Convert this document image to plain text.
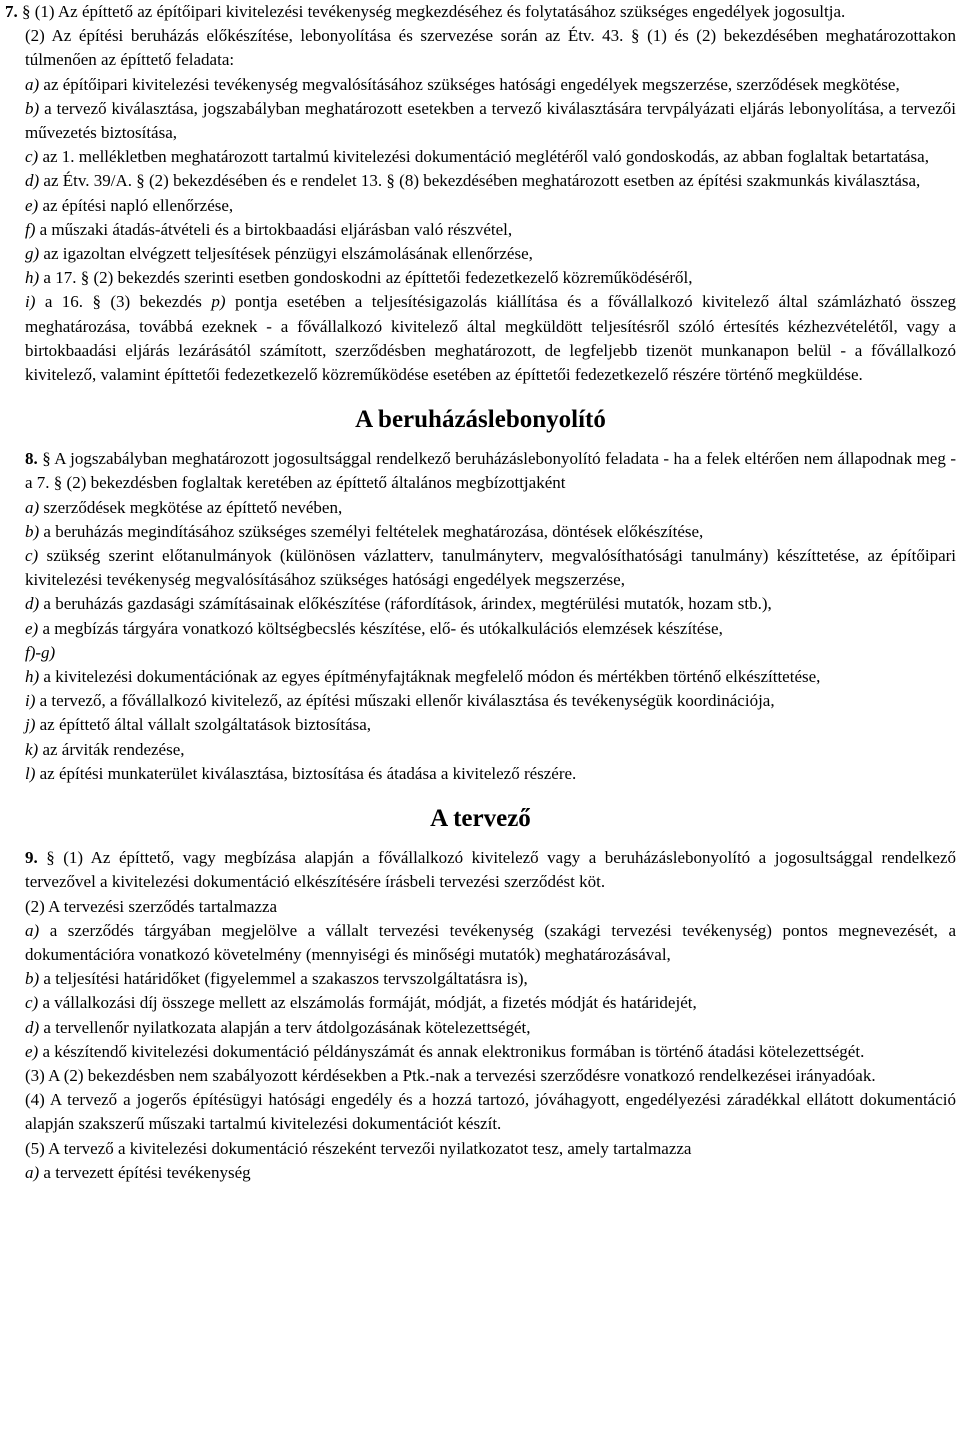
7. § (1) Az építtető az építőipari kivitelezési tevékenység megkezdéséhez és folytatásához szükséges engedélyek jogosultja.

(2) Az építési beruházás előkészítése, lebonyolítása és szervezése során az Étv. 43. § (1) és (2) bekezdésében meghatározottakon túlmenően az építtető feladata:

a) az építőipari kivitelezési tevékenység megvalósításához szükséges hatósági engedélyek megszerzése, szerződések megkötése,

b) a tervező kiválasztása, jogszabályban meghatározott esetekben a tervező kiválasztására tervpályázati eljárás lebonyolítása, a tervezői művezetés biztosítása,

c) az 1. mellékletben meghatározott tartalmú kivitelezési dokumentáció meglétéről való gondoskodás, az abban foglaltak betartatása,

d) az Étv. 39/A. § (2) bekezdésében és e rendelet 13. § (8) bekezdésében meghatározott esetben az építési szakmunkás kiválasztása,

e) az építési napló ellenőrzése,

f) a műszaki átadás-átvételi és a birtokbaadási eljárásban való részvétel,

g) az igazoltan elvégzett teljesítések pénzügyi elszámolásának ellenőrzése,

h) a 17. § (2) bekezdés szerinti esetben gondoskodni az építtetői fedezetkezelő közreműködéséről,

i) a 16. § (3) bekezdés p) pontja esetében a teljesítésigazolás kiállítása és a fővállalkozó kivitelező által számlázható összeg meghatározása, továbbá ezeknek - a fővállalkozó kivitelező által megküldött teljesítésről szóló értesítés kézhezvételétől, vagy a birtokbaadási eljárás lezárásától számított, szerződésben meghatározott, de legfeljebb tizenöt munkanapon belül - a fővállalkozó kivitelező, valamint építtetői fedezetkezelő közreműködése esetében az építtetői fedezetkezelő részére történő megküldése.

A beruházáslebonyolító

8. § A jogszabályban meghatározott jogosultsággal rendelkező beruházáslebonyolító feladata - ha a felek eltérően nem állapodnak meg - a 7. § (2) bekezdésben foglaltak keretében az építtető általános megbízottjaként

a) szerződések megkötése az építtető nevében,

b) a beruházás megindításához szükséges személyi feltételek meghatározása, döntések előkészítése,

c) szükség szerint előtanulmányok (különösen vázlatterv, tanulmányterv, megvalósíthatósági tanulmány) készíttetése, az építőipari kivitelezési tevékenység megvalósításához szükséges hatósági engedélyek megszerzése,

d) a beruházás gazdasági számításainak előkészítése (ráfordítások, árindex, megtérülési mutatók, hozam stb.),

e) a megbízás tárgyára vonatkozó költségbecslés készítése, elő- és utókalkulációs elemzések készítése,

f)-g)

h) a kivitelezési dokumentációnak az egyes építményfajtáknak megfelelő módon és mértékben történő elkészíttetése,

i) a tervező, a fővállalkozó kivitelező, az építési műszaki ellenőr kiválasztása és tevékenységük koordinációja,

j) az építtető által vállalt szolgáltatások biztosítása,

k) az árviták rendezése,

l) az építési munkaterület kiválasztása, biztosítása és átadása a kivitelező részére.

A tervező

9. § (1) Az építtető, vagy megbízása alapján a fővállalkozó kivitelező vagy a beruházáslebonyolító a jogosultsággal rendelkező tervezővel a kivitelezési dokumentáció elkészítésére írásbeli tervezési szerződést köt.

(2) A tervezési szerződés tartalmazza

a) a szerződés tárgyában megjelölve a vállalt tervezési tevékenység (szakági tervezési tevékenység) pontos megnevezését, a dokumentációra vonatkozó követelmény (mennyiségi és minőségi mutatók) meghatározásával,

b) a teljesítési határidőket (figyelemmel a szakaszos tervszolgáltatásra is),

c) a vállalkozási díj összege mellett az elszámolás formáját, módját, a fizetés módját és határidejét,

d) a tervellenőr nyilatkozata alapján a terv átdolgozásának kötelezettségét,

e) a készítendő kivitelezési dokumentáció példányszámát és annak elektronikus formában is történő átadási kötelezettségét.

(3) A (2) bekezdésben nem szabályozott kérdésekben a Ptk.-nak a tervezési szerződésre vonatkozó rendelkezései irányadóak.

(4) A tervező a jogerős építésügyi hatósági engedély és a hozzá tartozó, jóváhagyott, engedélyezési záradékkal ellátott dokumentáció alapján szakszerű műszaki tartalmú kivitelezési dokumentációt készít.

(5) A tervező a kivitelezési dokumentáció részeként tervezői nyilatkozatot tesz, amely tartalmazza

a) a tervezett építési tevékenység
